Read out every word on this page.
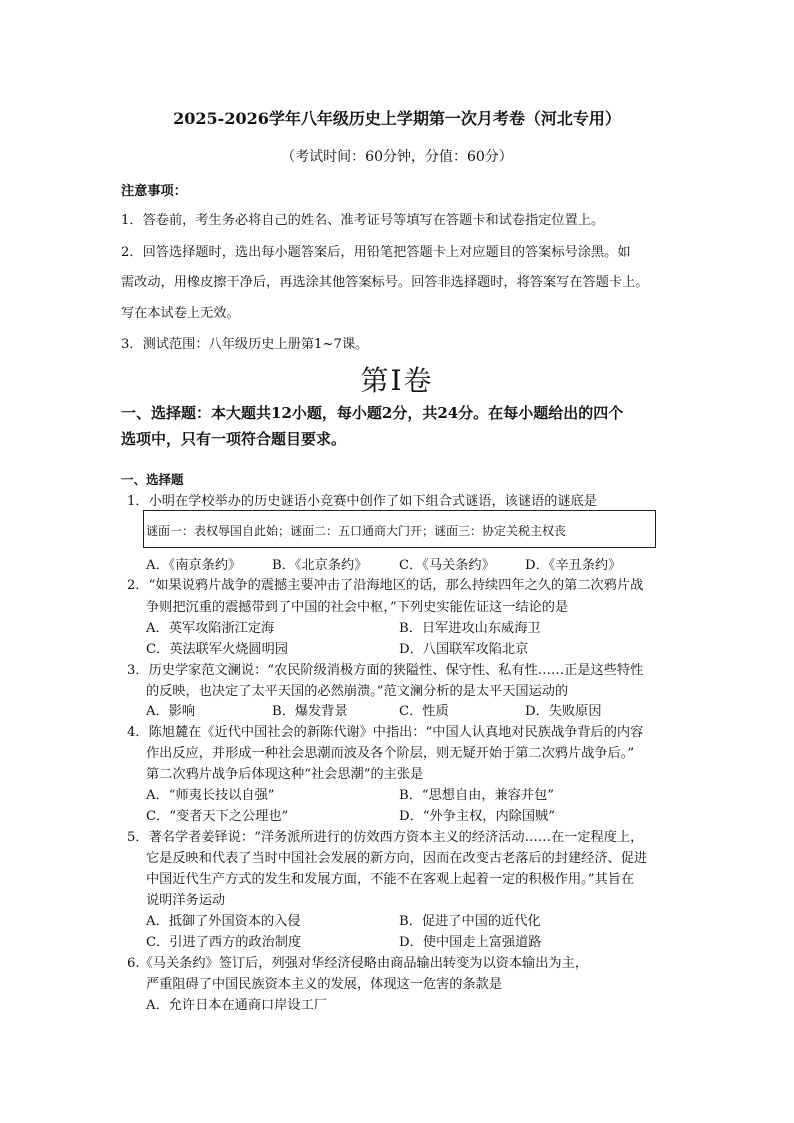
2025-2026学年八年级历史上学期第一次月考卷（河北专用）
（考试时间：60分钟，分值：60分）
注意事项：
1．答卷前，考生务必将自己的姓名、准考证号等填写在答题卡和试卷指定位置上。
2．回答选择题时，选出每小题答案后，用铅笔把答题卡上对应题目的答案标号涂黑。如
需改动，用橡皮擦干净后，再选涂其他答案标号。回答非选择题时，将答案写在答题卡上。
写在本试卷上无效。
3．测试范围：八年级历史上册第1~7课。
第Ⅰ卷
一、选择题：本大题共12小题，每小题2分，共24分。在每小题给出的四个
选项中，只有一项符合题目要求。
一、选择题
1．小明在学校举办的历史谜语小竞赛中创作了如下组合式谜语，该谜语的谜底是
谜面一：表权辱国自此始；谜面二：五口通商大门开；谜面三：协定关税主权丧
A．《南京条约》 B．《北京条约》 C．《马关条约》 D．《辛丑条约》
2．“如果说鸦片战争的震撼主要冲击了沿海地区的话，那么持续四年之久的第二次鸦片战
争则把沉重的震撼带到了中国的社会中枢，”下列史实能佐证这一结论的是
A．英军攻陷浙江定海	B．日军进攻山东威海卫
C．英法联军火烧圆明园	D．八国联军攻陷北京
3．历史学家范文澜说：“农民阶级消极方面的狭隘性、保守性、私有性……正是这些特性
的反映，也决定了太平天国的必然崩溃。”范文澜分析的是太平天国运动的
A．影响	B．爆发背景	C．性质	D．失败原因
4．陈旭麓在《近代中国社会的新陈代谢》中指出：“中国人认真地对民族战争背后的内容
作出反应，并形成一种社会思潮而波及各个阶层，则无疑开始于第二次鸦片战争后。”
第二次鸦片战争后体现这种“社会思潮”的主张是
A．“师夷长技以自强”	B．“思想自由，兼容并包”
C．“变者天下之公理也”	D．“外争主权，内除国贼”
5．著名学者姜铎说：“洋务派所进行的仿效西方资本主义的经济活动……在一定程度上，
它是反映和代表了当时中国社会发展的新方向，因而在改变古老落后的封建经济、促进
中国近代生产方式的发生和发展方面，不能不在客观上起着一定的积极作用。”其旨在
说明洋务运动
A．抵御了外国资本的入侵	B．促进了中国的近代化
C．引进了西方的政治制度	D．使中国走上富强道路
6.《马关条约》签订后，列强对华经济侵略由商品输出转变为以资本输出为主，
严重阻碍了中国民族资本主义的发展，体现这一危害的条款是
A．允许日本在通商口岸设工厂
